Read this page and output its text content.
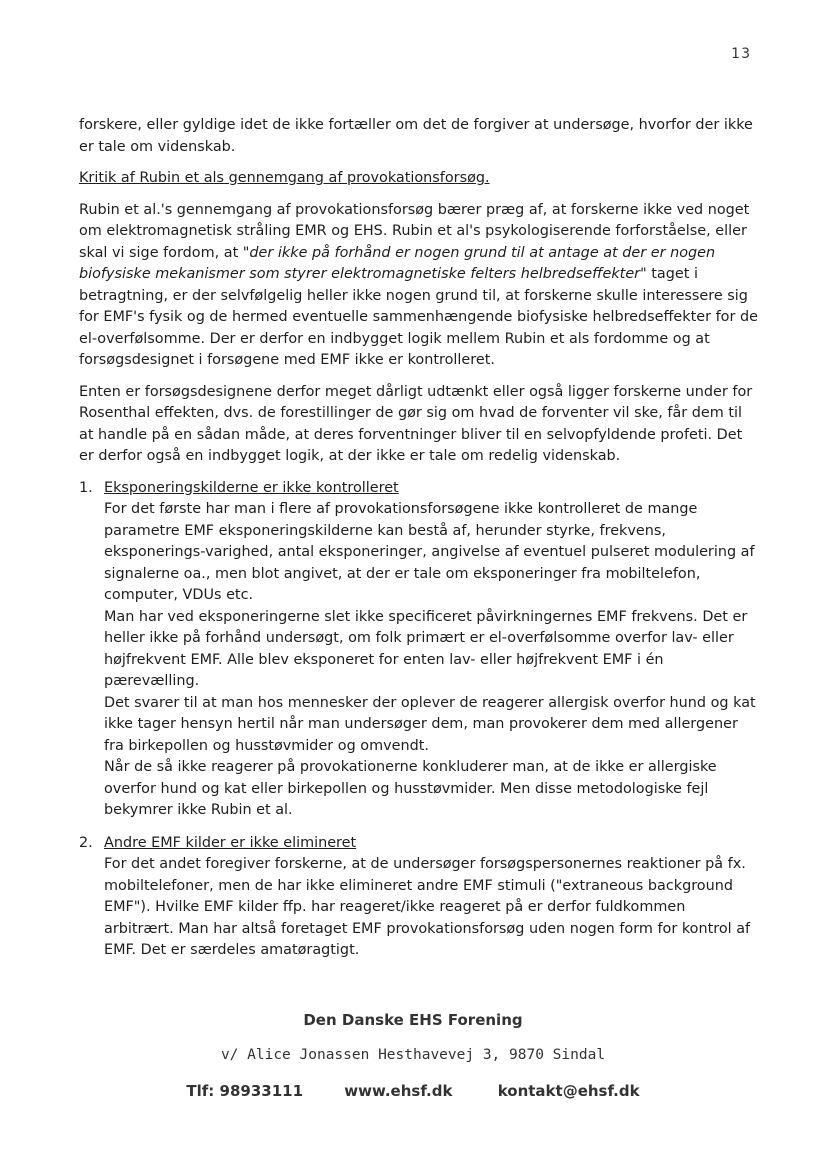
13

forskere, eller gyldige idet de ikke fortæller om det de forgiver at undersøge, hvorfor der ikke er tale om videnskab.

Kritik af Rubin et als gennemgang af provokationsforsøg.

Rubin et al.'s gennemgang af provokationsforsøg bærer præg af, at forskerne ikke ved noget om elektromagnetisk stråling EMR og EHS. Rubin et al's psykologiserende forforståelse, eller skal vi sige fordom, at "der ikke på forhånd er nogen grund til at antage at der er nogen biofysiske mekanismer som styrer elektromagnetiske felters helbredseffekter" taget i betragtning, er der selvfølgelig heller ikke nogen grund til, at forskerne skulle interessere sig for EMF's fysik og de hermed eventuelle sammenhængende biofysiske helbredseffekter for de el-overfølsomme. Der er derfor en indbygget logik mellem Rubin et als fordomme og at forsøgsdesignet i forsøgene med EMF ikke er kontrolleret.

Enten er forsøgsdesignene derfor meget dårligt udtænkt eller også ligger forskerne under for Rosenthal effekten, dvs. de forestillinger de gør sig om hvad de forventer vil ske, får dem til at handle på en sådan måde, at deres forventninger bliver til en selvopfyldende profeti. Det er derfor også en indbygget logik, at der ikke er tale om redelig videnskab.

1. Eksponeringskilderne er ikke kontrolleret
For det første har man i flere af provokationsforsøgene ikke kontrolleret de mange parametre EMF eksponeringskilderne kan bestå af, herunder styrke, frekvens, eksponerings-varighed, antal eksponeringer, angivelse af eventuel pulseret modulering af signalerne oa., men blot angivet, at der er tale om eksponeringer fra mobiltelefon, computer, VDUs etc.
Man har ved eksponeringerne slet ikke specificeret påvirkningernes EMF frekvens. Det er heller ikke på forhånd undersøgt, om folk primært er el-overfølsomme overfor lav- eller højfrekvent EMF. Alle blev eksponeret for enten lav- eller højfrekvent EMF i én pærevælling.
Det svarer til at man hos mennesker der oplever de reagerer allergisk overfor hund og kat ikke tager hensyn hertil når man undersøger dem, man provokerer dem med allergener fra birkepollen og husstøvmider og omvendt.
Når de så ikke reagerer på provokationerne konkluderer man, at de ikke er allergiske overfor hund og kat eller birkepollen og husstøvmider. Men disse metodologiske fejl bekymrer ikke Rubin et al.
2. Andre EMF kilder er ikke elimineret
For det andet foregiver forskerne, at de undersøger forsøgspersonernes reaktioner på fx. mobiltelefoner, men de har ikke elimineret andre EMF stimuli ("extraneous background EMF"). Hvilke EMF kilder ffp. har reageret/ikke reageret på er derfor fuldkommen arbitrært. Man har altså foretaget EMF provokationsforsøg uden nogen form for kontrol af EMF. Det er særdeles amatøragtigt.
Den Danske EHS Forening
v/ Alice Jonassen Hesthavevej 3, 9870 Sindal
Tlf: 98933111	www.ehsf.dk	kontakt@ehsf.dk
